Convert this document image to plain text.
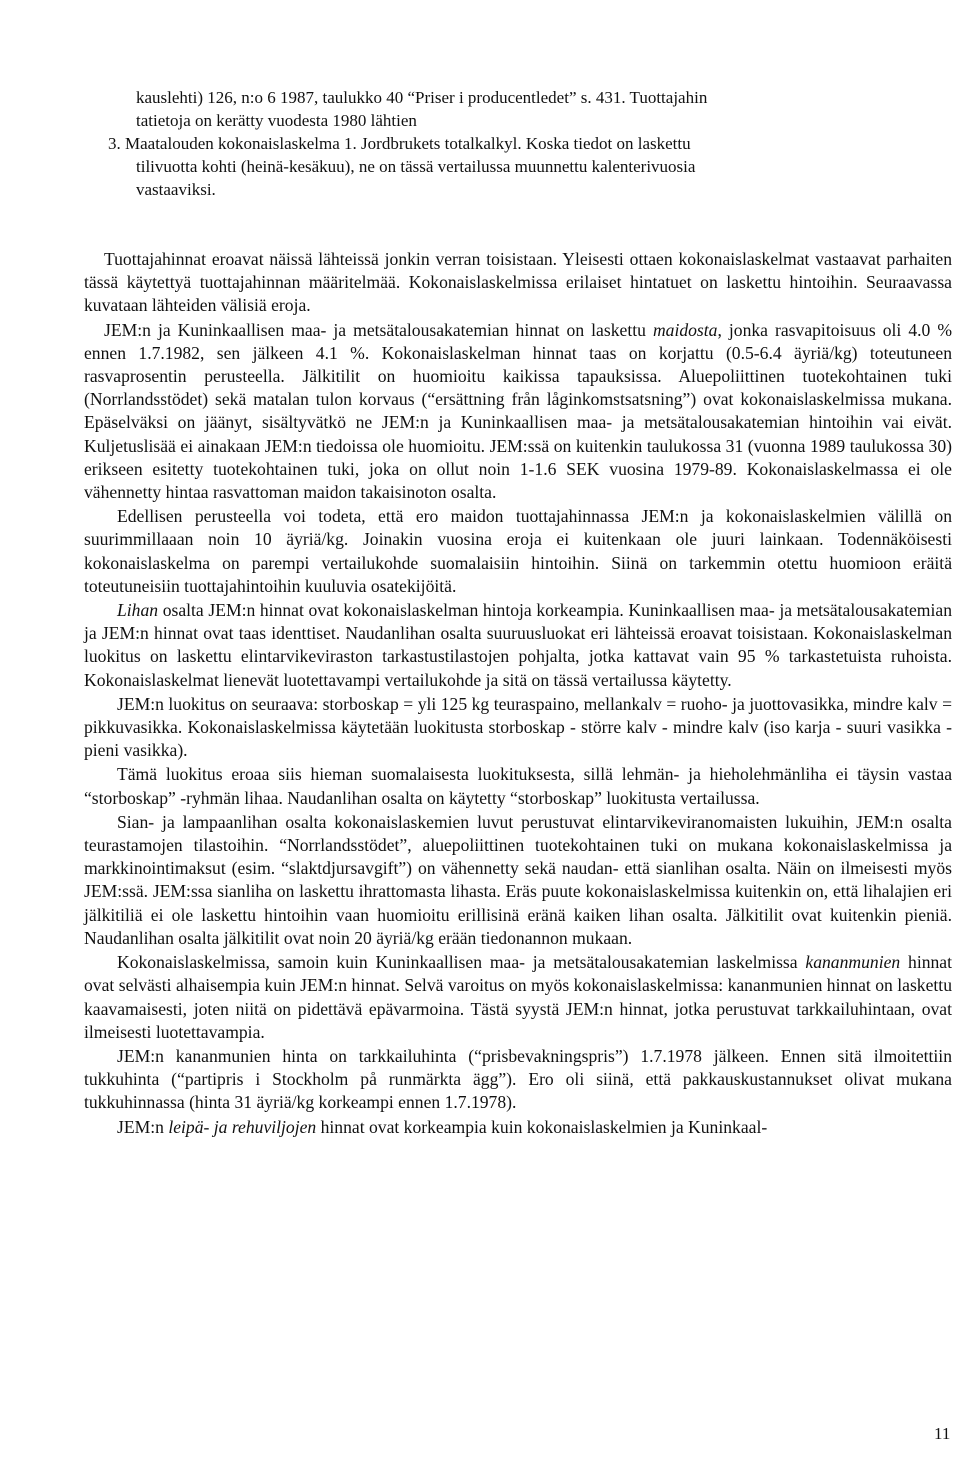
kauslehti) 126, n:o 6 1987, taulukko 40 “Priser i producentledet” s. 431. Tuottajahin
tatietoja on kerätty vuodesta 1980 lähtien
3. Maatalouden kokonaislaskelma 1. Jordbrukets totalkalkyl. Koska tiedot on laskettu
tilivuotta kohti (heinä-kesäkuu), ne on tässä vertailussa muunnettu kalenterivuosia
vastaaviksi.

Tuottajahinnat eroavat näissä lähteissä jonkin verran toisistaan. Yleisesti ottaen kokonaislaskelmat vastaavat parhaiten tässä käytettyä tuottajahinnan määritelmää. Kokonaislaskelmissa erilaiset hintatuet on laskettu hintoihin. Seuraavassa kuvataan lähteiden välisiä eroja.

JEM:n ja Kuninkaallisen maa- ja metsätalousakatemian hinnat on laskettu maidosta, jonka rasvapitoisuus oli 4.0 % ennen 1.7.1982, sen jälkeen 4.1 %. Kokonaislaskelman hinnat taas on korjattu (0.5-6.4 äyriä/kg) toteutuneen rasvaprosentin perusteella. Jälkitilit on huomioitu kaikissa tapauksissa. Aluepoliittinen tuotekohtainen tuki (Norrlandsstödet) sekä matalan tulon korvaus (“ersättning från låginkomstsatsning”) ovat kokonaislaskelmissa mukana. Epäselväksi on jäänyt, sisältyvätkö ne JEM:n ja Kuninkaallisen maa- ja metsätalousakatemian hintoihin vai eivät. Kuljetuslisää ei ainakaan JEM:n tiedoissa ole huomioitu. JEM:ssä on kuitenkin taulukossa 31 (vuonna 1989 taulukossa 30) erikseen esitetty tuotekohtainen tuki, joka on ollut noin 1-1.6 SEK vuosina 1979-89. Kokonaislaskelmassa ei ole vähennetty hintaa rasvattoman maidon takaisinoton osalta.

Edellisen perusteella voi todeta, että ero maidon tuottajahinnassa JEM:n ja kokonaislaskelmien välillä on suurimmillaaan noin 10 äyriä/kg. Joinakin vuosina eroja ei kuitenkaan ole juuri lainkaan. Todennäköisesti kokonaislaskelma on parempi vertailukohde suomalaisiin hintoihin. Siinä on tarkemmin otettu huomioon eräitä toteutuneisiin tuottajahintoihin kuuluvia osatekijöitä.

Lihan osalta JEM:n hinnat ovat kokonaislaskelman hintoja korkeampia. Kuninkaallisen maa- ja metsätalousakatemian ja JEM:n hinnat ovat taas identtiset. Naudanlihan osalta suuruusluokat eri lähteissä eroavat toisistaan. Kokonaislaskelman luokitus on laskettu elintarvikeviraston tarkastustilastojen pohjalta, jotka kattavat vain 95 % tarkastetuista ruhoista. Kokonaislaskelmat lienevät luotettavampi vertailukohde ja sitä on tässä vertailussa käytetty.

JEM:n luokitus on seuraava: storboskap = yli 125 kg teuraspaino, mellankalv = ruoho- ja juottovasikka, mindre kalv = pikkuvasikka. Kokonaislaskelmissa käytetään luokitusta storboskap - större kalv - mindre kalv (iso karja - suuri vasikka - pieni vasikka).

Tämä luokitus eroaa siis hieman suomalaisesta luokituksesta, sillä lehmän- ja hieholehmänliha ei täysin vastaa “storboskap” -ryhmän lihaa. Naudanlihan osalta on käytetty “storboskap” luokitusta vertailussa.

Sian- ja lampaanlihan osalta kokonaislaskemien luvut perustuvat elintarvikeviranomaisten lukuihin, JEM:n osalta teurastamojen tilastoihin. “Norrlandsstödet”, aluepoliittinen tuotekohtainen tuki on mukana kokonaislaskelmissa ja markkinointimaksut (esim. “slaktdjursavgift”) on vähennetty sekä naudan- että sianlihan osalta. Näin on ilmeisesti myös JEM:ssä. JEM:ssa sianliha on laskettu ihrattomasta lihasta. Eräs puute kokonaislaskelmissa kuitenkin on, että lihalajien eri jälkitiliä ei ole laskettu hintoihin vaan huomioitu erillisinä eränä kaiken lihan osalta. Jälkitilit ovat kuitenkin pieniä. Naudanlihan osalta jälkitilit ovat noin 20 äyriä/kg erään tiedonannon mukaan.

Kokonaislaskelmissa, samoin kuin Kuninkaallisen maa- ja metsätalousakatemian laskelmissa kananmunien hinnat ovat selvästi alhaisempia kuin JEM:n hinnat. Selvä varoitus on myös kokonaislaskelmissa: kananmunien hinnat on laskettu kaavamaisesti, joten niitä on pidettävä epävarmoina. Tästä syystä JEM:n hinnat, jotka perustuvat tarkkailuhintaan, ovat ilmeisesti luotettavampia.

JEM:n kananmunien hinta on tarkkailuhinta (“prisbevakningspris”) 1.7.1978 jälkeen. Ennen sitä ilmoitettiin tukkuhinta (“partipris i Stockholm på runmärkta ägg”). Ero oli siinä, että pakkauskustannukset olivat mukana tukkuhinnassa (hinta 31 äyriä/kg korkeampi ennen 1.7.1978).

JEM:n leipä- ja rehuviljojen hinnat ovat korkeampia kuin kokonaislaskelmien ja Kuninkaal-

11
